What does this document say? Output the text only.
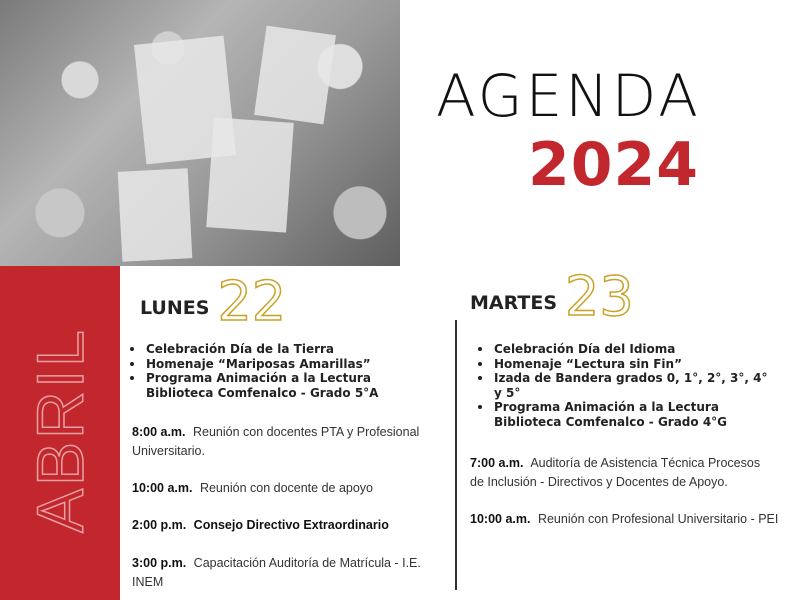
AGENDA
2024
ABRIL
LUNES 22
Celebración Día de la Tierra
Homenaje “Mariposas Amarillas”
Programa Animación a la Lectura Biblioteca Comfenalco - Grado 5°A
8:00 a.m. Reunión con docentes PTA y Profesional Universitario.
10:00 a.m. Reunión con docente de apoyo
2:00 p.m. Consejo Directivo Extraordinario
3:00 p.m. Capacitación Auditoría de Matrícula - I.E. INEM
MARTES 23
Celebración Día del Idioma
Homenaje “Lectura sin Fin”
Izada de Bandera grados 0, 1°, 2°, 3°, 4° y 5°
Programa Animación a la Lectura Biblioteca Comfenalco - Grado 4°G
7:00 a.m. Auditoría de Asistencia Técnica Procesos de Inclusión - Directivos y Docentes de Apoyo.
10:00 a.m. Reunión con Profesional Universitario - PEI
